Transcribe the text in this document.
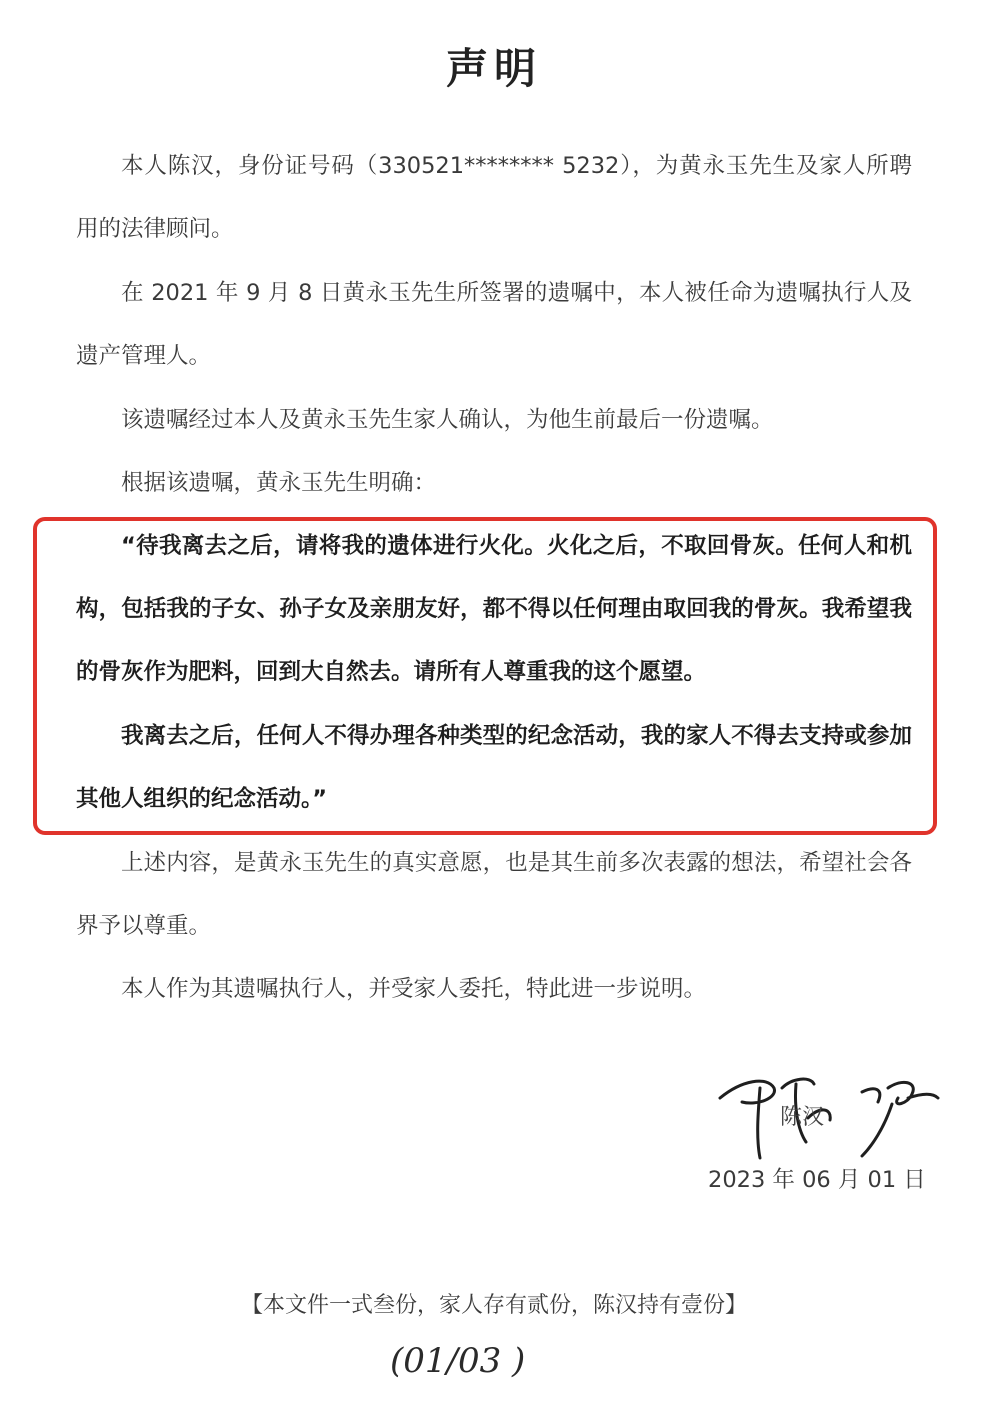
声明

本人陈汉，身份证号码（330521******** 5232），为黄永玉先生及家人所聘用的法律顾问。

在 2021 年 9 月 8 日黄永玉先生所签署的遗嘱中，本人被任命为遗嘱执行人及遗产管理人。

该遗嘱经过本人及黄永玉先生家人确认，为他生前最后一份遗嘱。

根据该遗嘱，黄永玉先生明确：

“待我离去之后，请将我的遗体进行火化。火化之后，不取回骨灰。任何人和机构，包括我的子女、孙子女及亲朋友好，都不得以任何理由取回我的骨灰。我希望我的骨灰作为肥料，回到大自然去。请所有人尊重我的这个愿望。

我离去之后，任何人不得办理各种类型的纪念活动，我的家人不得去支持或参加其他人组织的纪念活动。”

上述内容，是黄永玉先生的真实意愿，也是其生前多次表露的想法，希望社会各界予以尊重。

本人作为其遗嘱执行人，并受家人委托，特此进一步说明。

陈汉
2023 年 06 月 01 日
【本文件一式叁份，家人存有贰份，陈汉持有壹份】
(01/03 )
